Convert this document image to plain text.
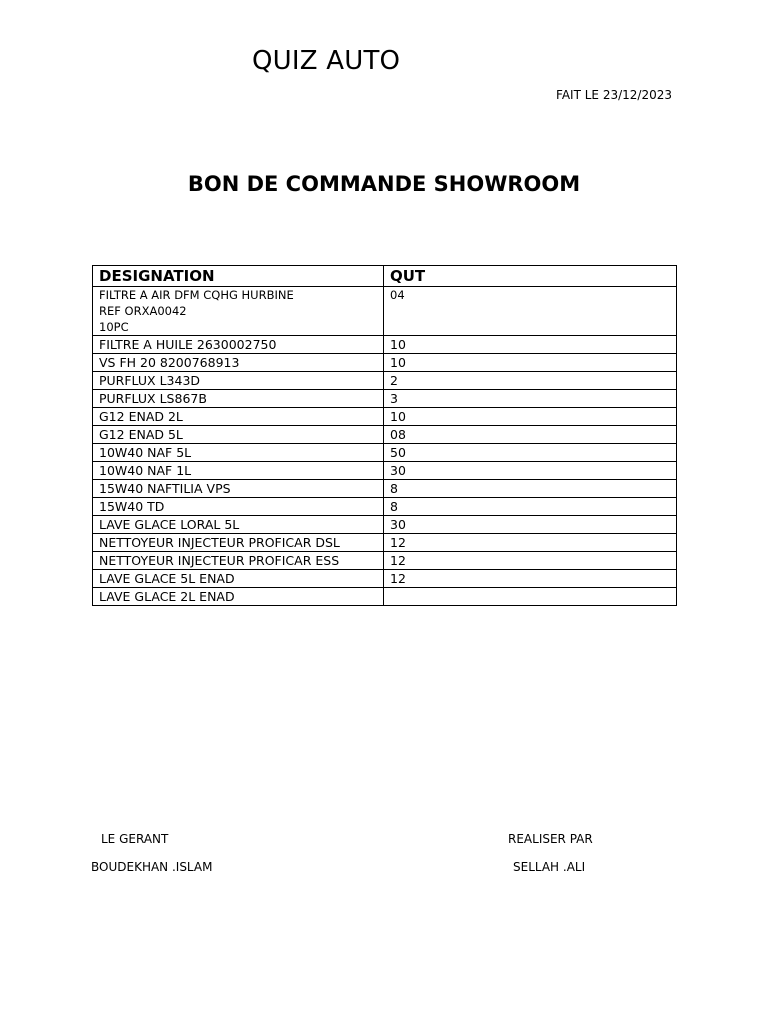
QUIZ AUTO
FAIT LE 23/12/2023
BON DE COMMANDE SHOWROOM
DESIGNATION	QUT

FILTRE A AIR DFM CQHG HURBINE
REF ORXA0042
10PC	04
FILTRE A HUILE 2630002750	10
VS FH 20 8200768913	10
PURFLUX L343D	2
PURFLUX LS867B	3
G12 ENAD 2L	10
G12 ENAD 5L	08
10W40 NAF 5L	50
10W40 NAF 1L	30
15W40 NAFTILIA VPS	8
15W40 TD	8
LAVE GLACE LORAL 5L	30
NETTOYEUR INJECTEUR PROFICAR DSL	12
NETTOYEUR INJECTEUR PROFICAR ESS	12
LAVE GLACE 5L ENAD	12
LAVE GLACE 2L ENAD	
LE GERANT
BOUDEKHAN .ISLAM
REALISER PAR
SELLAH .ALI
